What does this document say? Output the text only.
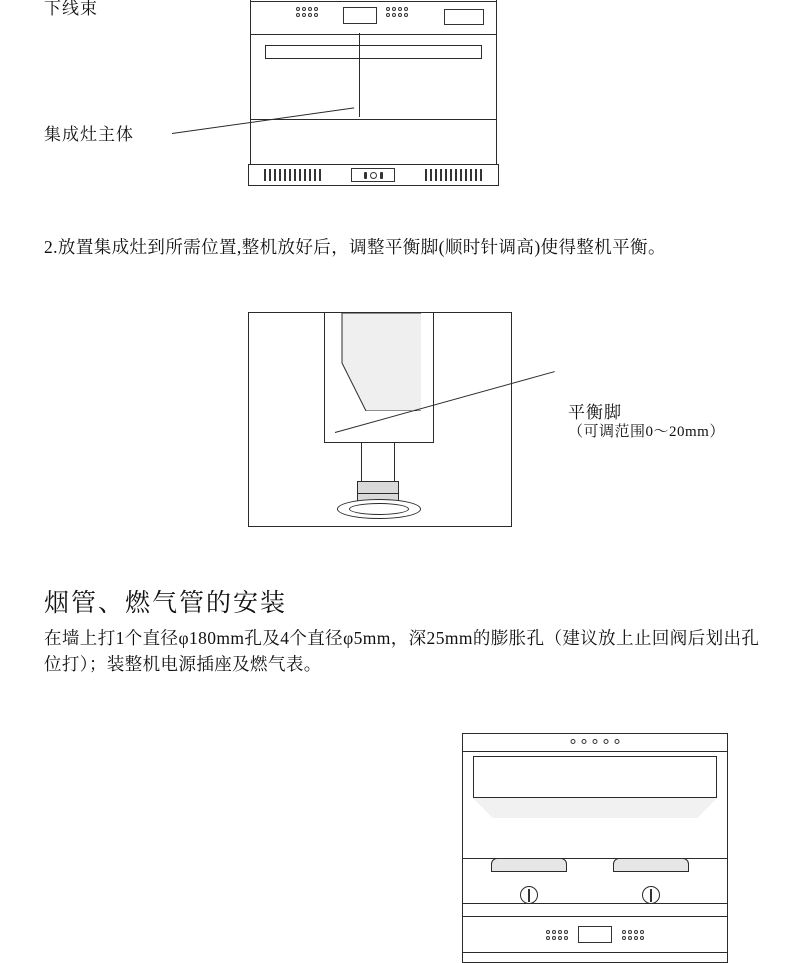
下线束
集成灶主体
2.放置集成灶到所需位置,整机放好后，调整平衡脚(顺时针调高)使得整机平衡。
平衡脚
（可调范围0～20mm）
烟管、燃气管的安装
在墙上打1个直径φ180mm孔及4个直径φ5mm，深25mm的膨胀孔（建议放上止回阀后划出孔位打）；装整机电源插座及燃气表。
